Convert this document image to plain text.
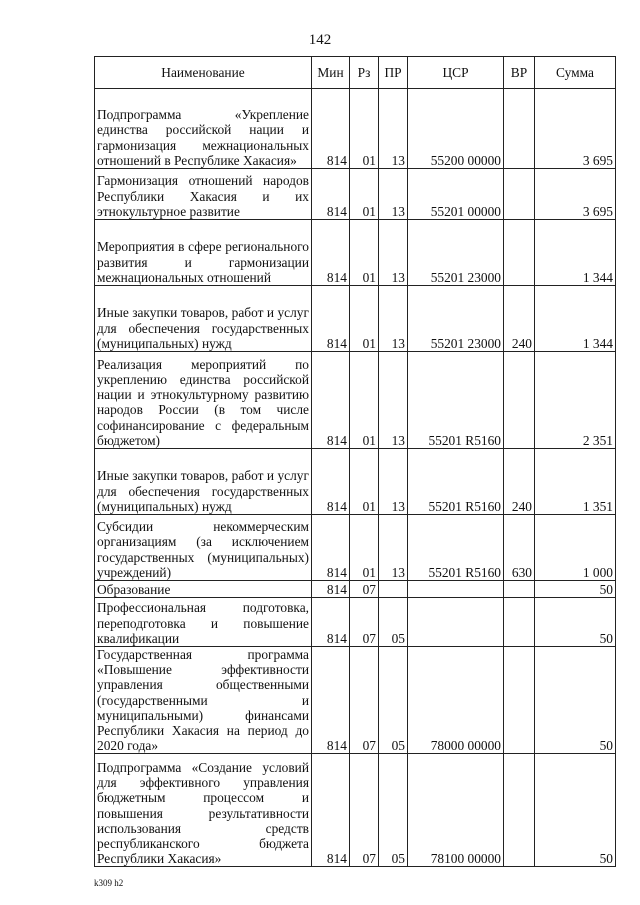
142
Наименование	Мин	Рз	ПР	ЦСР	ВР	Сумма
Подпрограмма «Укрепление единства российской нации и гармонизация межнациональных отношений в Республике Хакасия»	814	01	13	55200 00000		3 695
Гармонизация отношений народов Республики Хакасия и их этнокультурное развитие	814	01	13	55201 00000		3 695
Мероприятия в сфере регионального развития и гармонизации межнациональных отношений	814	01	13	55201 23000		1 344
Иные закупки товаров, работ и услуг для обеспечения государственных (муниципальных) нужд	814	01	13	55201 23000	240	1 344
Реализация мероприятий по укреплению единства российской нации и этнокультурному развитию народов России (в том числе софинансирование с федеральным бюджетом)	814	01	13	55201 R5160		2 351
Иные закупки товаров, работ и услуг для обеспечения государственных (муниципальных) нужд	814	01	13	55201 R5160	240	1 351
Субсидии некоммерческим организациям (за исключением государственных (муниципальных) учреждений)	814	01	13	55201 R5160	630	1 000
Образование	814	07				50
Профессиональная подготовка, переподготовка и повышение квалификации	814	07	05			50
Государственная программа «Повышение эффективности управления общественными (государственными и муниципальными) финансами Республики Хакасия на период до 2020 года»	814	07	05	78000 00000		50
Подпрограмма «Создание условий для эффективного управления бюджетным процессом и повышения результативности использования средств республиканского бюджета Республики Хакасия»	814	07	05	78100 00000		50
k309 h2
